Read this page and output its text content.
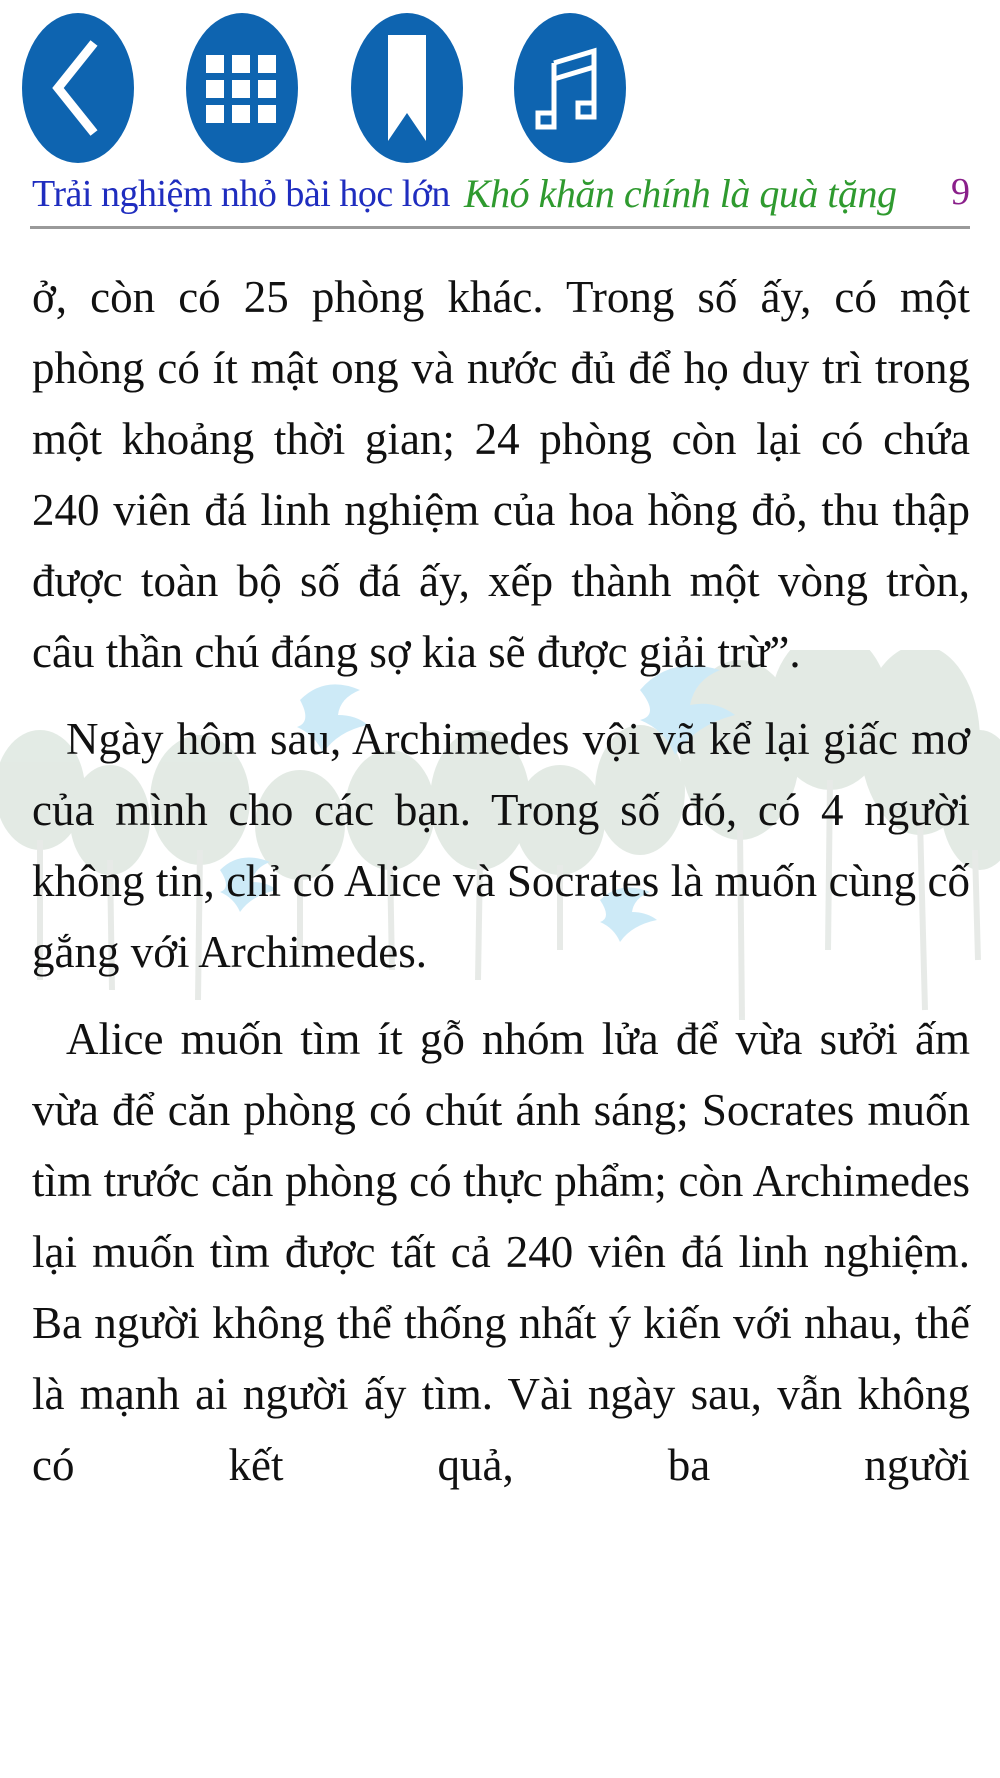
Trải nghiệm nhỏ bài học lớn Khó khăn chính là quà tặng 9

ở, còn có 25 phòng khác. Trong số ấy, có một phòng có ít mật ong và nước đủ để họ duy trì trong một khoảng thời gian; 24 phòng còn lại có chứa 240 viên đá linh nghiệm của hoa hồng đỏ, thu thập được toàn bộ số đá ấy, xếp thành một vòng tròn, câu thần chú đáng sợ kia sẽ được giải trừ”.

Ngày hôm sau, Archimedes vội vã kể lại giấc mơ của mình cho các bạn. Trong số đó, có 4 người không tin, chỉ có Alice và Socrates là muốn cùng cố gắng với Archimedes.

Alice muốn tìm ít gỗ nhóm lửa để vừa sưởi ấm vừa để căn phòng có chút ánh sáng; Socrates muốn tìm trước căn phòng có thực phẩm; còn Archimedes lại muốn tìm được tất cả 240 viên đá linh nghiệm. Ba người không thể thống nhất ý kiến với nhau, thế là mạnh ai người ấy tìm. Vài ngày sau, vẫn không có kết quả, ba người
